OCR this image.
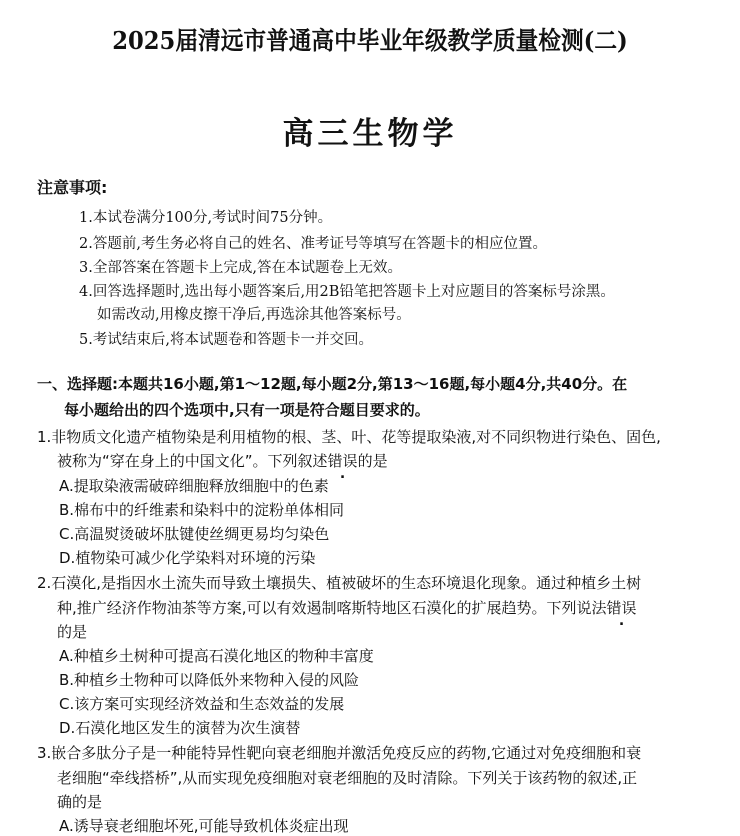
2025届清远市普通高中毕业年级教学质量检测(二)
高三生物学
注意事项:
1.本试卷满分100分,考试时间75分钟。
2.答题前,考生务必将自己的姓名、准考证号等填写在答题卡的相应位置。
3.全部答案在答题卡上完成,答在本试题卷上无效。
4.回答选择题时,选出每小题答案后,用2B铅笔把答题卡上对应题目的答案标号涂黑。
如需改动,用橡皮擦干净后,再选涂其他答案标号。
5.考试结束后,将本试题卷和答题卡一并交回。
一、选择题:本题共16小题,第1～12题,每小题2分,第13～16题,每小题4分,共40分。在
每小题给出的四个选项中,只有一项是符合题目要求的。
1.非物质文化遗产植物染是利用植物的根、茎、叶、花等提取染液,对不同织物进行染色、固色,
被称为“穿在身上的中国文化”。下列叙述错误的是
A.提取染液需破碎细胞释放细胞中的色素
B.棉布中的纤维素和染料中的淀粉单体相同
C.高温熨烫破坏肽键使丝绸更易均匀染色
D.植物染可减少化学染料对环境的污染
2.石漠化,是指因水土流失而导致土壤损失、植被破坏的生态环境退化现象。通过种植乡土树
种,推广经济作物油茶等方案,可以有效遏制喀斯特地区石漠化的扩展趋势。下列说法错误
的是
A.种植乡土树种可提高石漠化地区的物种丰富度
B.种植乡土物种可以降低外来物种入侵的风险
C.该方案可实现经济效益和生态效益的发展
D.石漠化地区发生的演替为次生演替
3.嵌合多肽分子是一种能特异性靶向衰老细胞并激活免疫反应的药物,它通过对免疫细胞和衰
老细胞“牵线搭桥”,从而实现免疫细胞对衰老细胞的及时清除。下列关于该药物的叙述,正
确的是
A.诱导衰老细胞坏死,可能导致机体炎症出现
